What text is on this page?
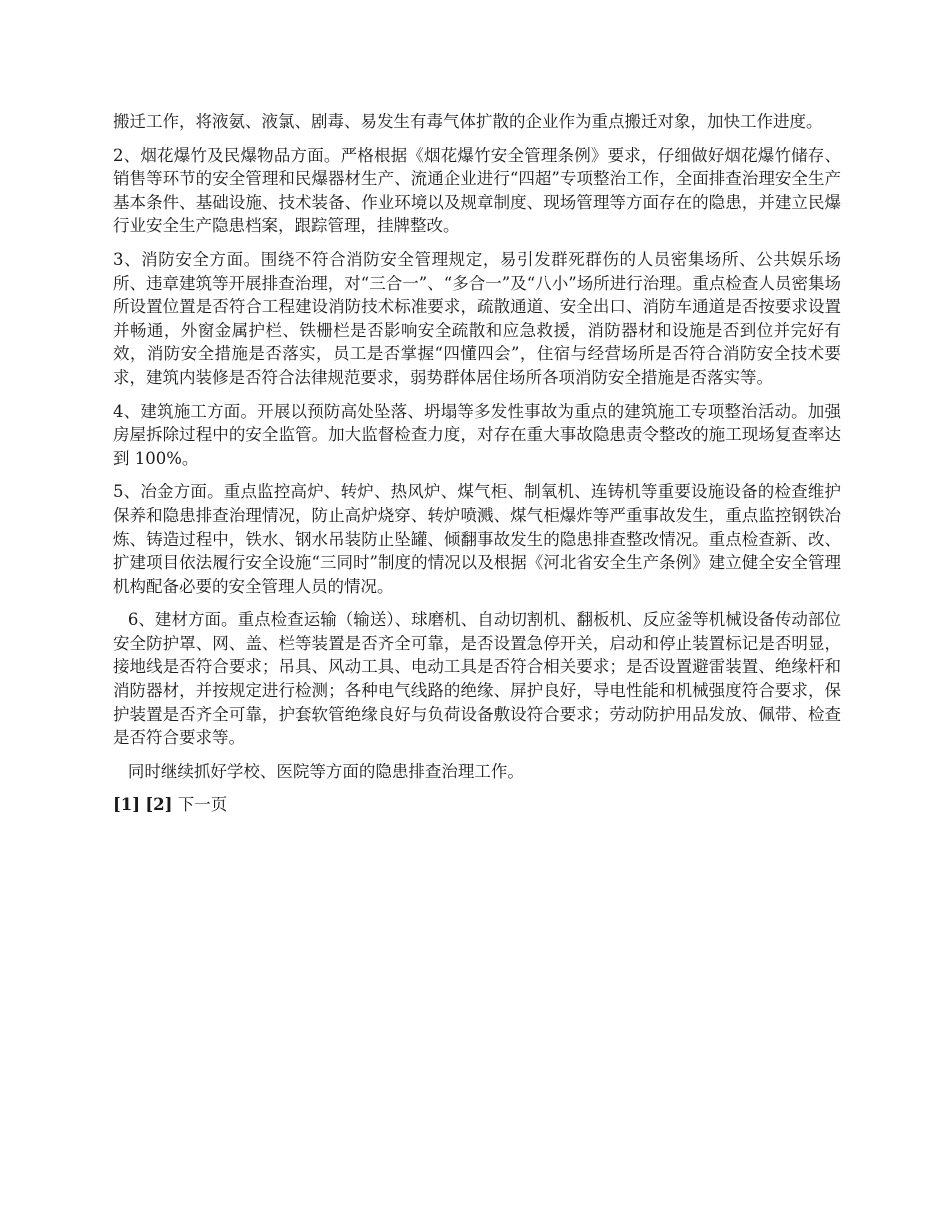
搬迁工作，将液氨、液氯、剧毒、易发生有毒气体扩散的企业作为重点搬迁对象，加快工作进度。

2、烟花爆竹及民爆物品方面。严格根据《烟花爆竹安全管理条例》要求，仔细做好烟花爆竹储存、销售等环节的安全管理和民爆器材生产、流通企业进行“四超”专项整治工作，全面排查治理安全生产基本条件、基础设施、技术装备、作业环境以及规章制度、现场管理等方面存在的隐患，并建立民爆行业安全生产隐患档案，跟踪管理，挂牌整改。

3、消防安全方面。围绕不符合消防安全管理规定，易引发群死群伤的人员密集场所、公共娱乐场所、违章建筑等开展排查治理，对“三合一”、“多合一”及“八小”场所进行治理。重点检查人员密集场所设置位置是否符合工程建设消防技术标准要求，疏散通道、安全出口、消防车通道是否按要求设置并畅通，外窗金属护栏、铁栅栏是否影响安全疏散和应急救援，消防器材和设施是否到位并完好有效，消防安全措施是否落实，员工是否掌握“四懂四会”，住宿与经营场所是否符合消防安全技术要求，建筑内装修是否符合法律规范要求，弱势群体居住场所各项消防安全措施是否落实等。

4、建筑施工方面。开展以预防高处坠落、坍塌等多发性事故为重点的建筑施工专项整治活动。加强房屋拆除过程中的安全监管。加大监督检查力度，对存在重大事故隐患责令整改的施工现场复查率达到 100%。

5、冶金方面。重点监控高炉、转炉、热风炉、煤气柜、制氧机、连铸机等重要设施设备的检查维护保养和隐患排查治理情况，防止高炉烧穿、转炉喷溅、煤气柜爆炸等严重事故发生，重点监控钢铁冶炼、铸造过程中，铁水、钢水吊装防止坠罐、倾翻事故发生的隐患排查整改情况。重点检查新、改、扩建项目依法履行安全设施“三同时”制度的情况以及根据《河北省安全生产条例》建立健全安全管理机构配备必要的安全管理人员的情况。

6、建材方面。重点检查运输（输送）、球磨机、自动切割机、翻板机、反应釜等机械设备传动部位安全防护罩、网、盖、栏等装置是否齐全可靠，是否设置急停开关，启动和停止装置标记是否明显，接地线是否符合要求；吊具、风动工具、电动工具是否符合相关要求；是否设置避雷装置、绝缘杆和消防器材，并按规定进行检测；各种电气线路的绝缘、屏护良好，导电性能和机械强度符合要求，保护装置是否齐全可靠，护套软管绝缘良好与负荷设备敷设符合要求；劳动防护用品发放、佩带、检查是否符合要求等。

同时继续抓好学校、医院等方面的隐患排查治理工作。

[1] [2] 下一页
